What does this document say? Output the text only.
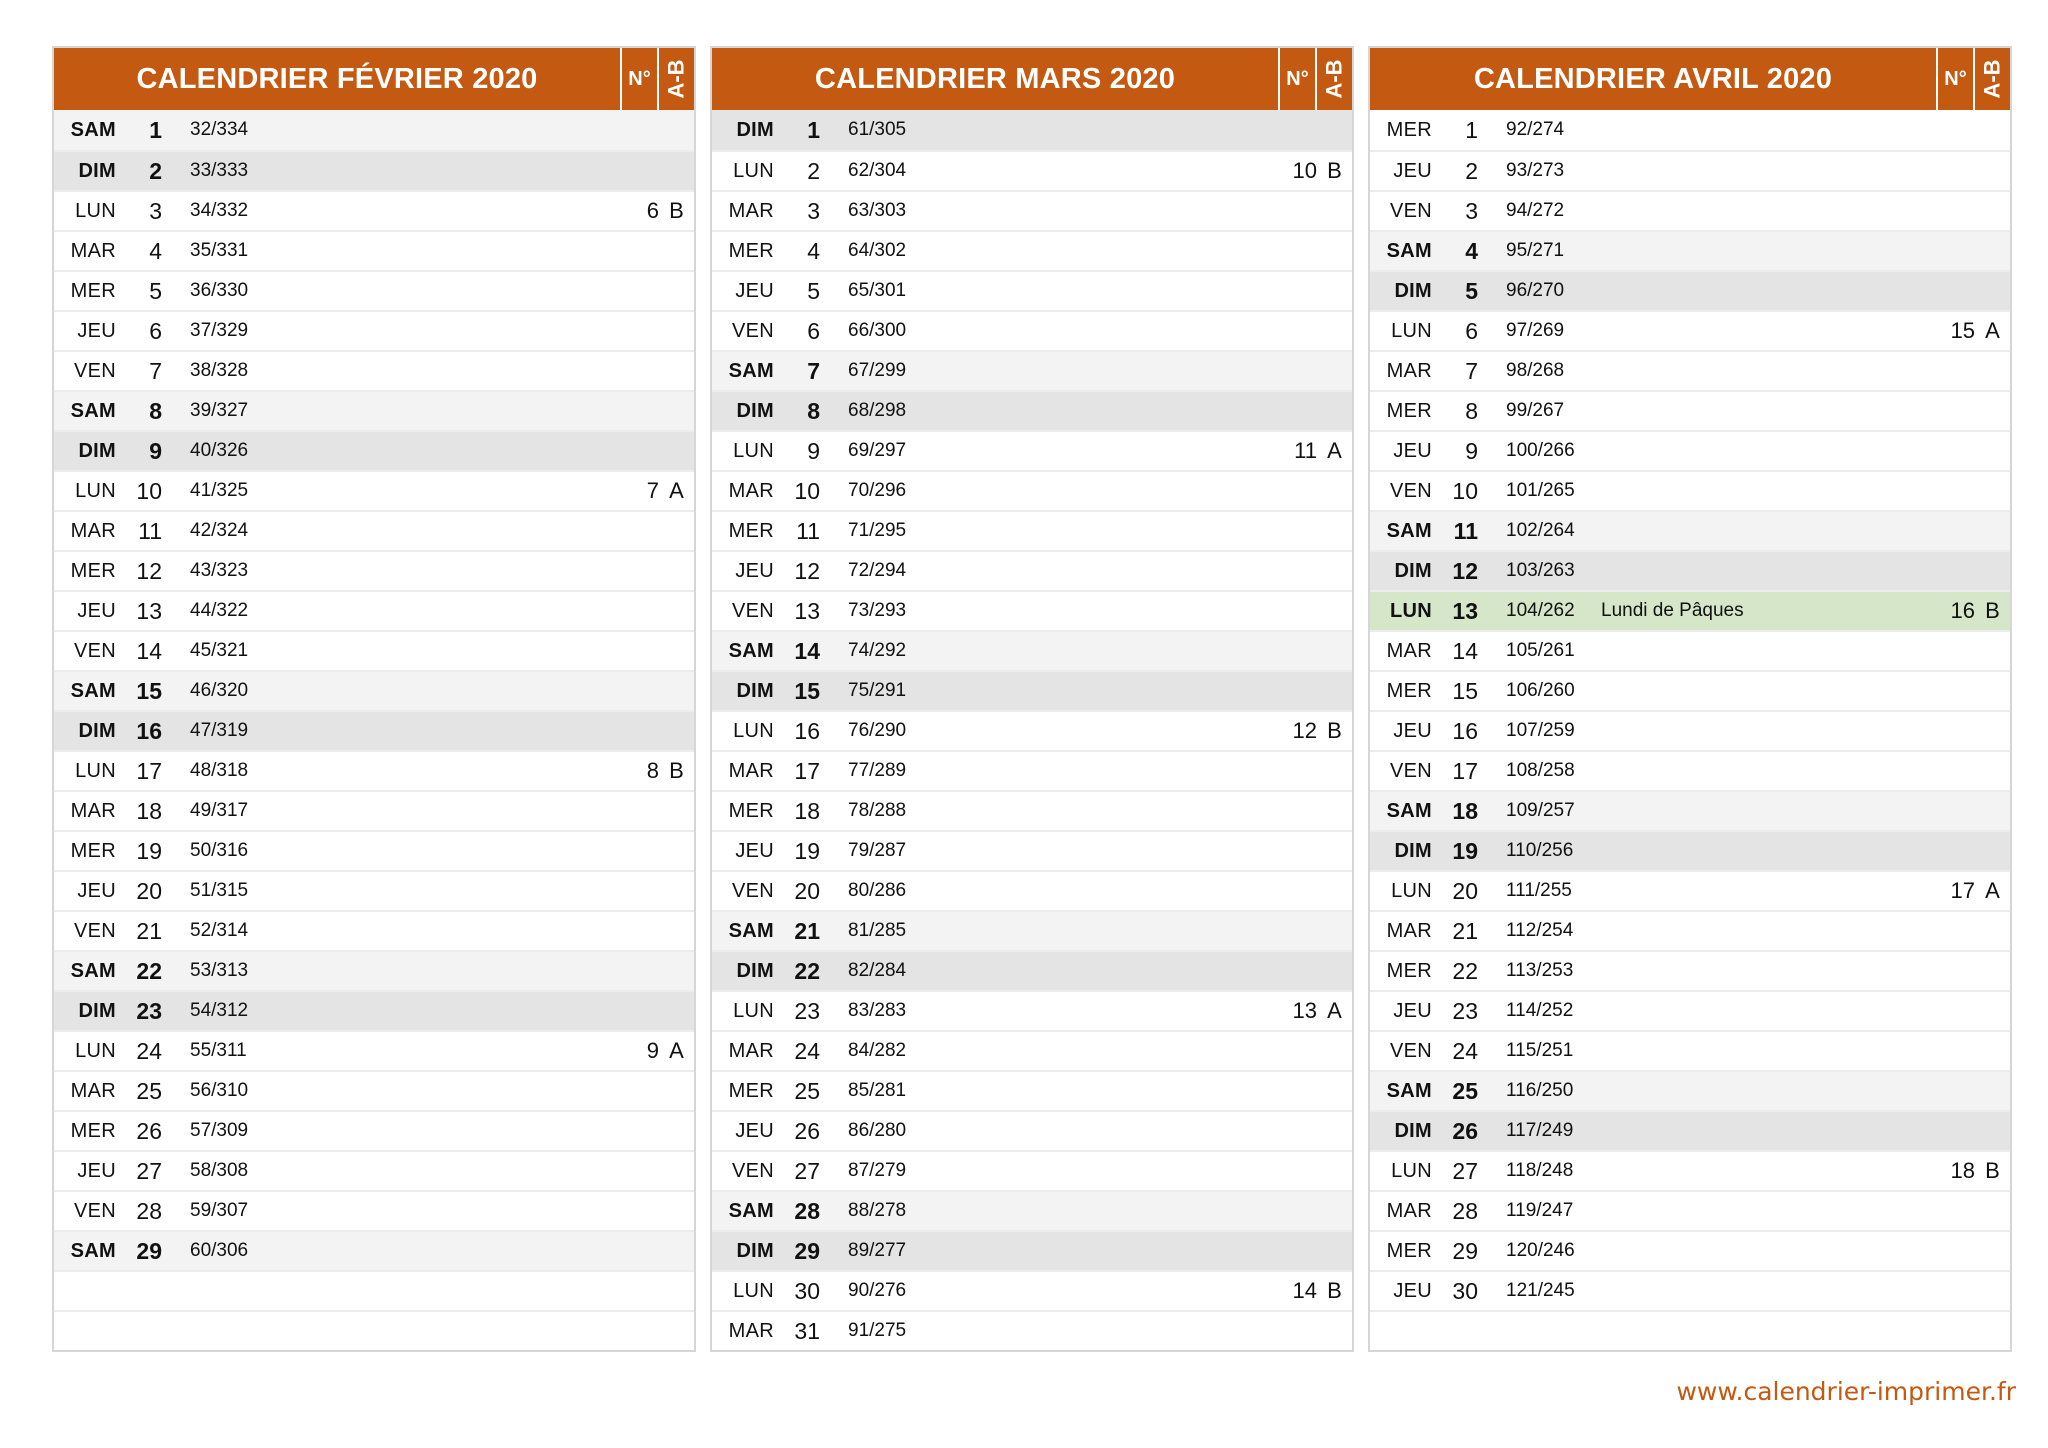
CALENDRIER FÉVRIER 2020	N° A-B
SAM	1	32/334
DIM	2	33/333
LUN	3	34/332	6 B
MAR	4	35/331
MER	5	36/330
JEU	6	37/329
VEN	7	38/328
SAM	8	39/327
DIM	9	40/326
LUN 10	41/325	7 A
MAR 11	42/324
MER 12	43/323
JEU 13	44/322
VEN 14	45/321
SAM 15	46/320
DIM 16	47/319
LUN 17	48/318	8 B
MAR 18	49/317
MER 19	50/316
JEU 20	51/315
VEN 21	52/314
SAM 22	53/313
DIM 23	54/312
LUN 24	55/311	9 A
MAR 25	56/310
MER 26	57/309
JEU 27	58/308
VEN 28	59/307
SAM 29	60/306
CALENDRIER MARS 2020	N° A-B
DIM	1	61/305
LUN	2	62/304	10 B
MAR	3	63/303
MER	4	64/302
JEU	5	65/301
VEN	6	66/300
SAM	7	67/299
DIM	8	68/298
LUN	9	69/297	11 A
MAR 10	70/296
MER 11	71/295
JEU 12	72/294
VEN 13	73/293
SAM 14	74/292
DIM 15	75/291
LUN 16	76/290	12 B
MAR 17	77/289
MER 18	78/288
JEU 19	79/287
VEN 20	80/286
SAM 21	81/285
DIM 22	82/284
LUN 23	83/283	13 A
MAR 24	84/282
MER 25	85/281
JEU 26	86/280
VEN 27	87/279
SAM 28	88/278
DIM 29	89/277
LUN 30	90/276	14 B
MAR 31	91/275
CALENDRIER AVRIL 2020	N° A-B
MER	1	92/274
JEU	2	93/273
VEN	3	94/272
SAM	4	95/271
DIM	5	96/270
LUN	6	97/269	15 A
MAR	7	98/268
MER	8	99/267
JEU	9	100/266
VEN 10	101/265
SAM 11	102/264
DIM 12	103/263
LUN 13	104/262	Lundi de Pâques	16 B
MAR 14	105/261
MER 15	106/260
JEU 16	107/259
VEN 17	108/258
SAM 18	109/257
DIM 19	110/256
LUN 20	111/255	17 A
MAR 21	112/254
MER 22	113/253
JEU 23	114/252
VEN 24	115/251
SAM 25	116/250
DIM 26	117/249
LUN 27	118/248	18 B
MAR 28	119/247
MER 29	120/246
JEU 30	121/245
www.calendrier-imprimer.fr
